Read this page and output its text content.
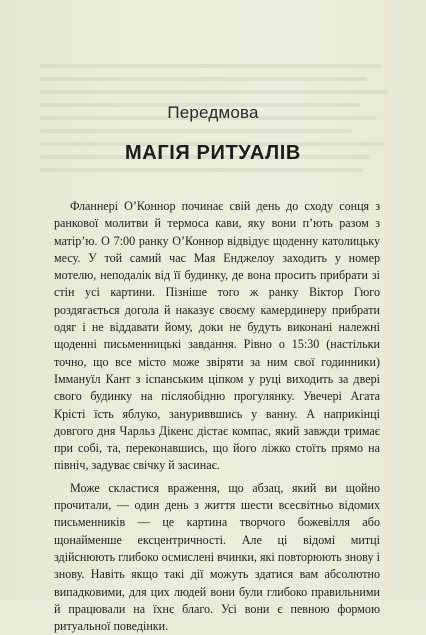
Передмова
МАГІЯ РИТУАЛІВ

Фланнері О’Коннор починає свій день до сходу сонця з ранкової молитви й термоса кави, яку вони п’ють разом з матір’ю. О 7:00 ранку О’Коннор відвідує щоденну католицьку месу. У той самий час Мая Енджелоу заходить у номер мотелю, неподалік від її будинку, де вона просить прибрати зі стін усі картини. Пізніше того ж ранку Віктор Гюго роздягається догола й наказує своєму камердинеру прибрати одяг і не віддавати йому, доки не будуть виконані належні щоденні письменницькі завдання. Рівно о 15:30 (настільки точно, що все місто може звіряти за ним свої годинники) Іммануїл Кант з іспанським ціпком у руці виходить за двері свого будинку на післяобідню прогулянку. Увечері Агата Крісті їсть яблуко, зануриввшись у ванну. А наприкінці довгого дня Чарльз Дікенс дістає компас, який завжди тримає при собі, та, переконавшись, що його ліжко стоїть прямо на північ, задуває свічку й засинає.

Може скластися враження, що абзац, який ви щойно прочитали, — один день з життя шести всесвітньо відомих письменників — це картина творчого божевілля або щонайменше ексцентричності. Але ці відомі митці здійснюють глибоко осмислені вчинки, які повторюють знову і знову. Навіть якщо такі дії можуть здатися вам абсолютно випадковими, для цих людей вони були глибоко правильними й працювали на їхнє благо. Усі вони є певною формою ритуальної поведінки.
